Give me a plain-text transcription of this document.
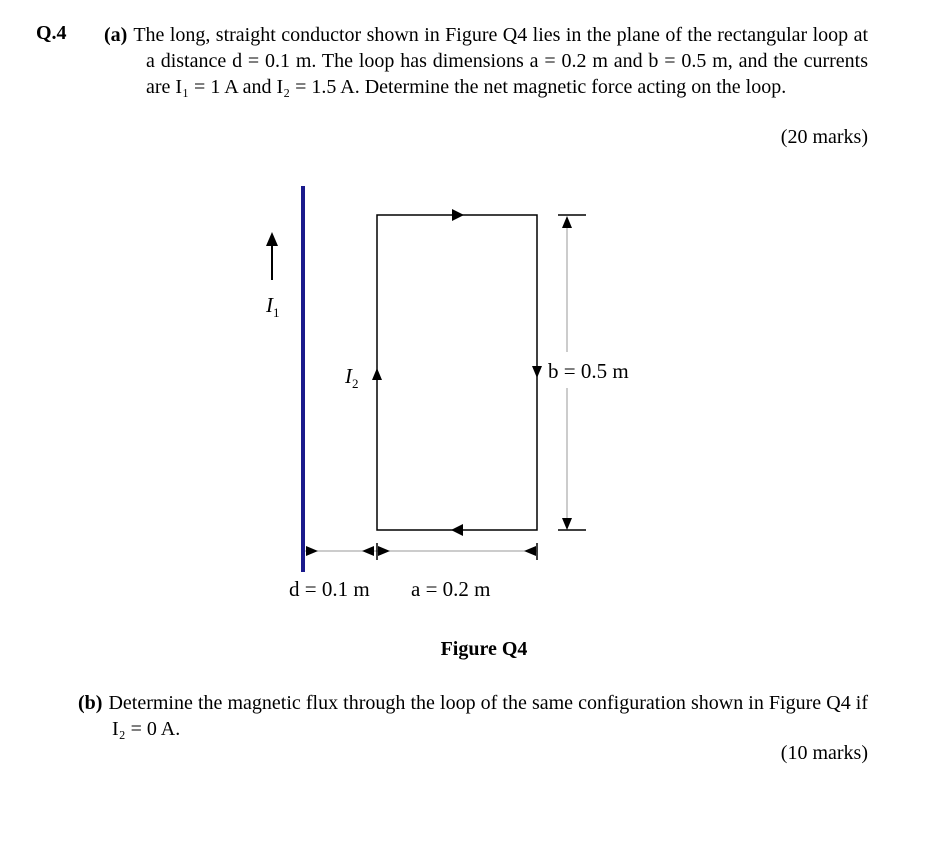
Q.4 (a) The long, straight conductor shown in Figure Q4 lies in the plane of the rectangular loop at a distance d = 0.1 m. The loop has dimensions a = 0.2 m and b = 0.5 m, and the currents are I₁ = 1 A and I₂ = 1.5 A. Determine the net magnetic force acting on the loop.
(20 marks)
$I_1$
$I_2$
b = 0.5 m
d = 0.1 m a = 0.2 m
Figure Q4
(b) Determine the magnetic flux through the loop of the same configuration shown in Figure Q4 if I₂ = 0 A.
(10 marks)
